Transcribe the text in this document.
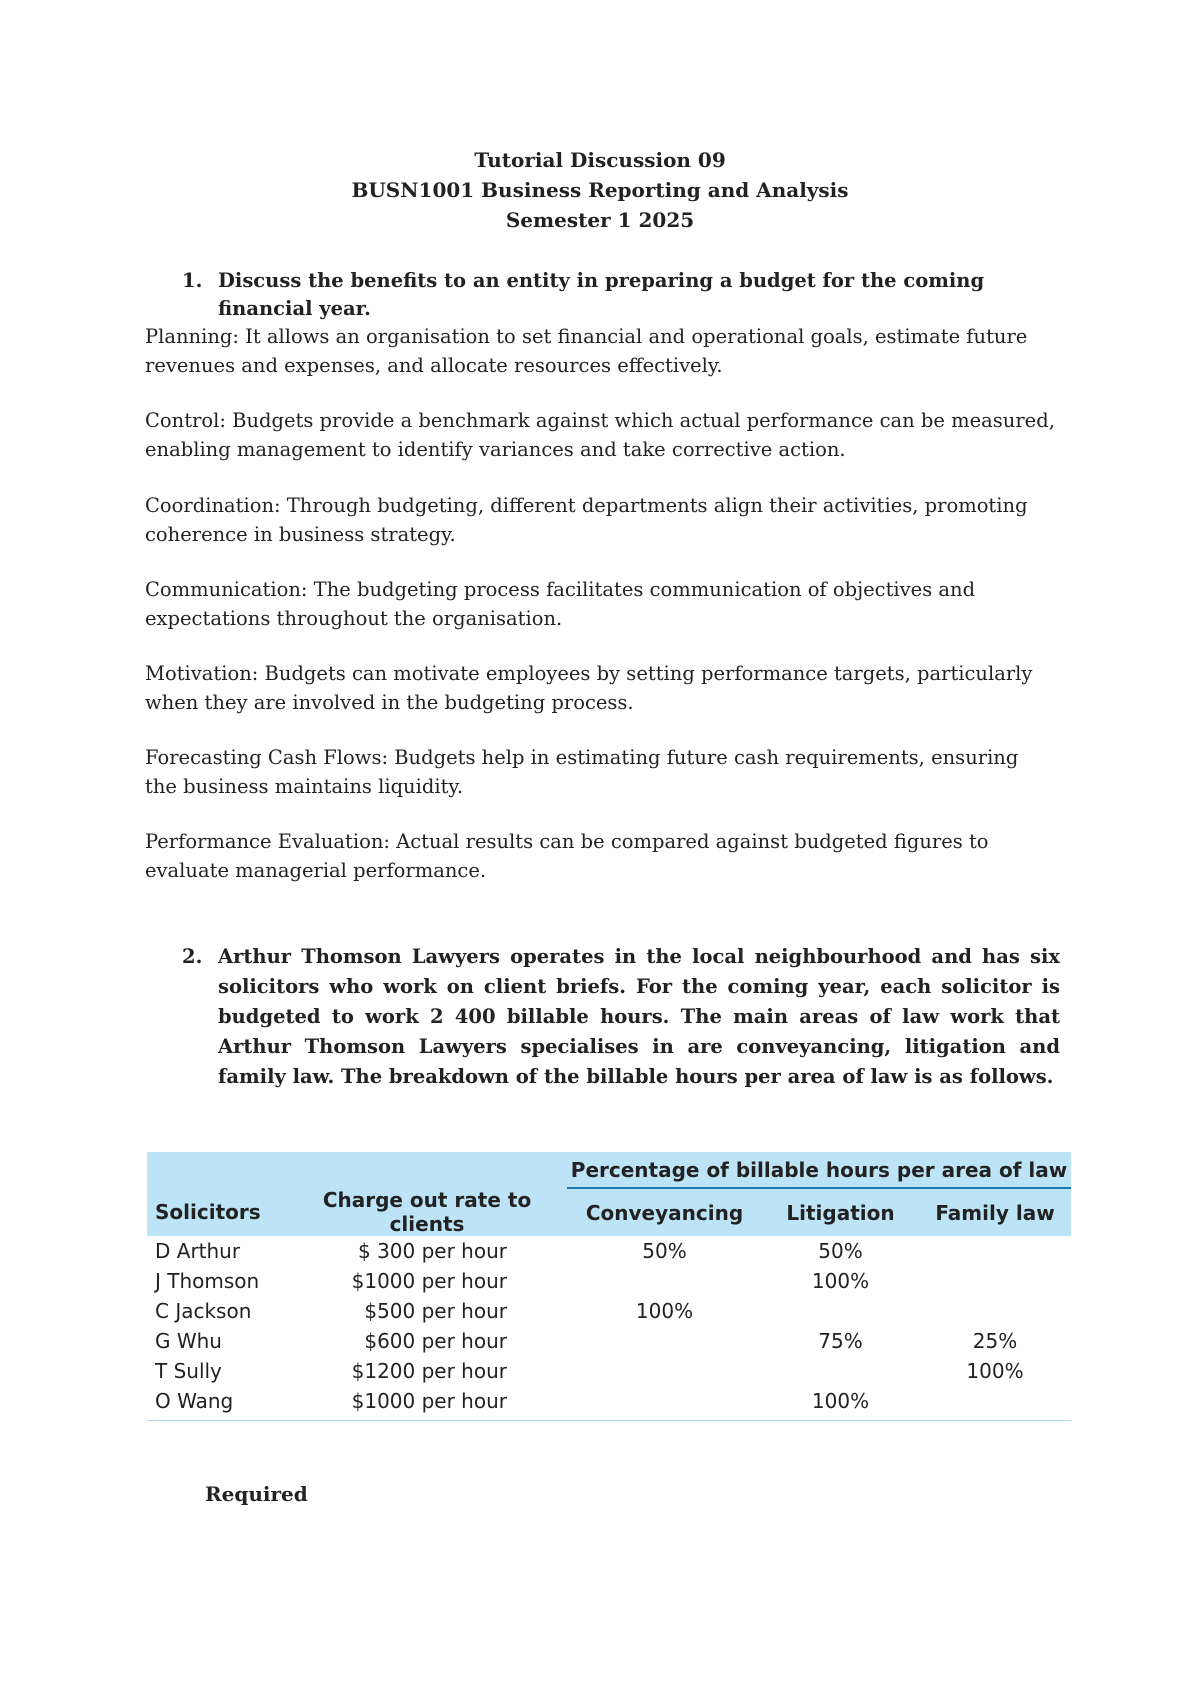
Tutorial Discussion 09
BUSN1001 Business Reporting and Analysis
Semester 1 2025
1. Discuss the benefits to an entity in preparing a budget for the coming financial year.
Planning: It allows an organisation to set financial and operational goals, estimate future revenues and expenses, and allocate resources effectively.
Control: Budgets provide a benchmark against which actual performance can be measured, enabling management to identify variances and take corrective action.
Coordination: Through budgeting, different departments align their activities, promoting coherence in business strategy.
Communication: The budgeting process facilitates communication of objectives and expectations throughout the organisation.
Motivation: Budgets can motivate employees by setting performance targets, particularly when they are involved in the budgeting process.
Forecasting Cash Flows: Budgets help in estimating future cash requirements, ensuring the business maintains liquidity.
Performance Evaluation: Actual results can be compared against budgeted figures to evaluate managerial performance.
2. Arthur Thomson Lawyers operates in the local neighbourhood and has six solicitors who work on client briefs. For the coming year, each solicitor is budgeted to work 2 400 billable hours. The main areas of law work that Arthur Thomson Lawyers specialises in are conveyancing, litigation and family law. The breakdown of the billable hours per area of law is as follows.
		Percentage of billable hours per area of law		
Solicitors	Charge out rate to clients	Conveyancing	Litigation	Family law
D Arthur	$ 300 per hour	50%	50%	
J Thomson	$1000 per hour		100%	
C Jackson	$500 per hour	100%		
G Whu	$600 per hour		75%	25%
T Sully	$1200 per hour			100%
O Wang	$1000 per hour		100%	
Required
